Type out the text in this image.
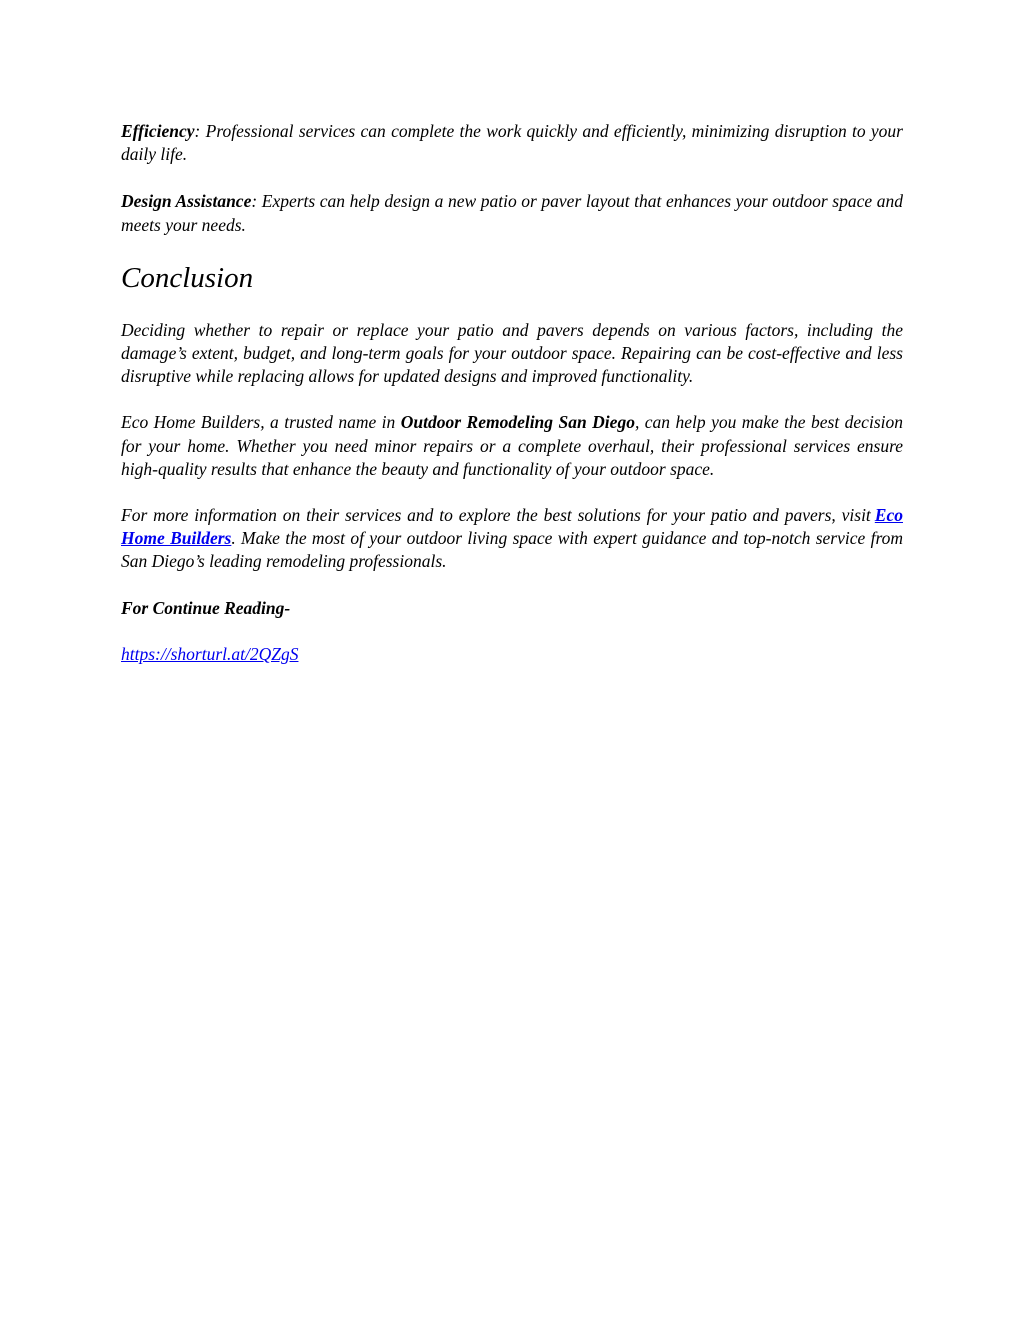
Efficiency: Professional services can complete the work quickly and efficiently, minimizing disruption to your daily life.

Design Assistance: Experts can help design a new patio or paver layout that enhances your outdoor space and meets your needs.

Conclusion

Deciding whether to repair or replace your patio and pavers depends on various factors, including the damage’s extent, budget, and long-term goals for your outdoor space. Repairing can be cost-effective and less disruptive while replacing allows for updated designs and improved functionality.

Eco Home Builders, a trusted name in Outdoor Remodeling San Diego, can help you make the best decision for your home. Whether you need minor repairs or a complete overhaul, their professional services ensure high-quality results that enhance the beauty and functionality of your outdoor space.

For more information on their services and to explore the best solutions for your patio and pavers, visit Eco Home Builders. Make the most of your outdoor living space with expert guidance and top-notch service from San Diego’s leading remodeling professionals.

For Continue Reading-

https://shorturl.at/2QZgS
